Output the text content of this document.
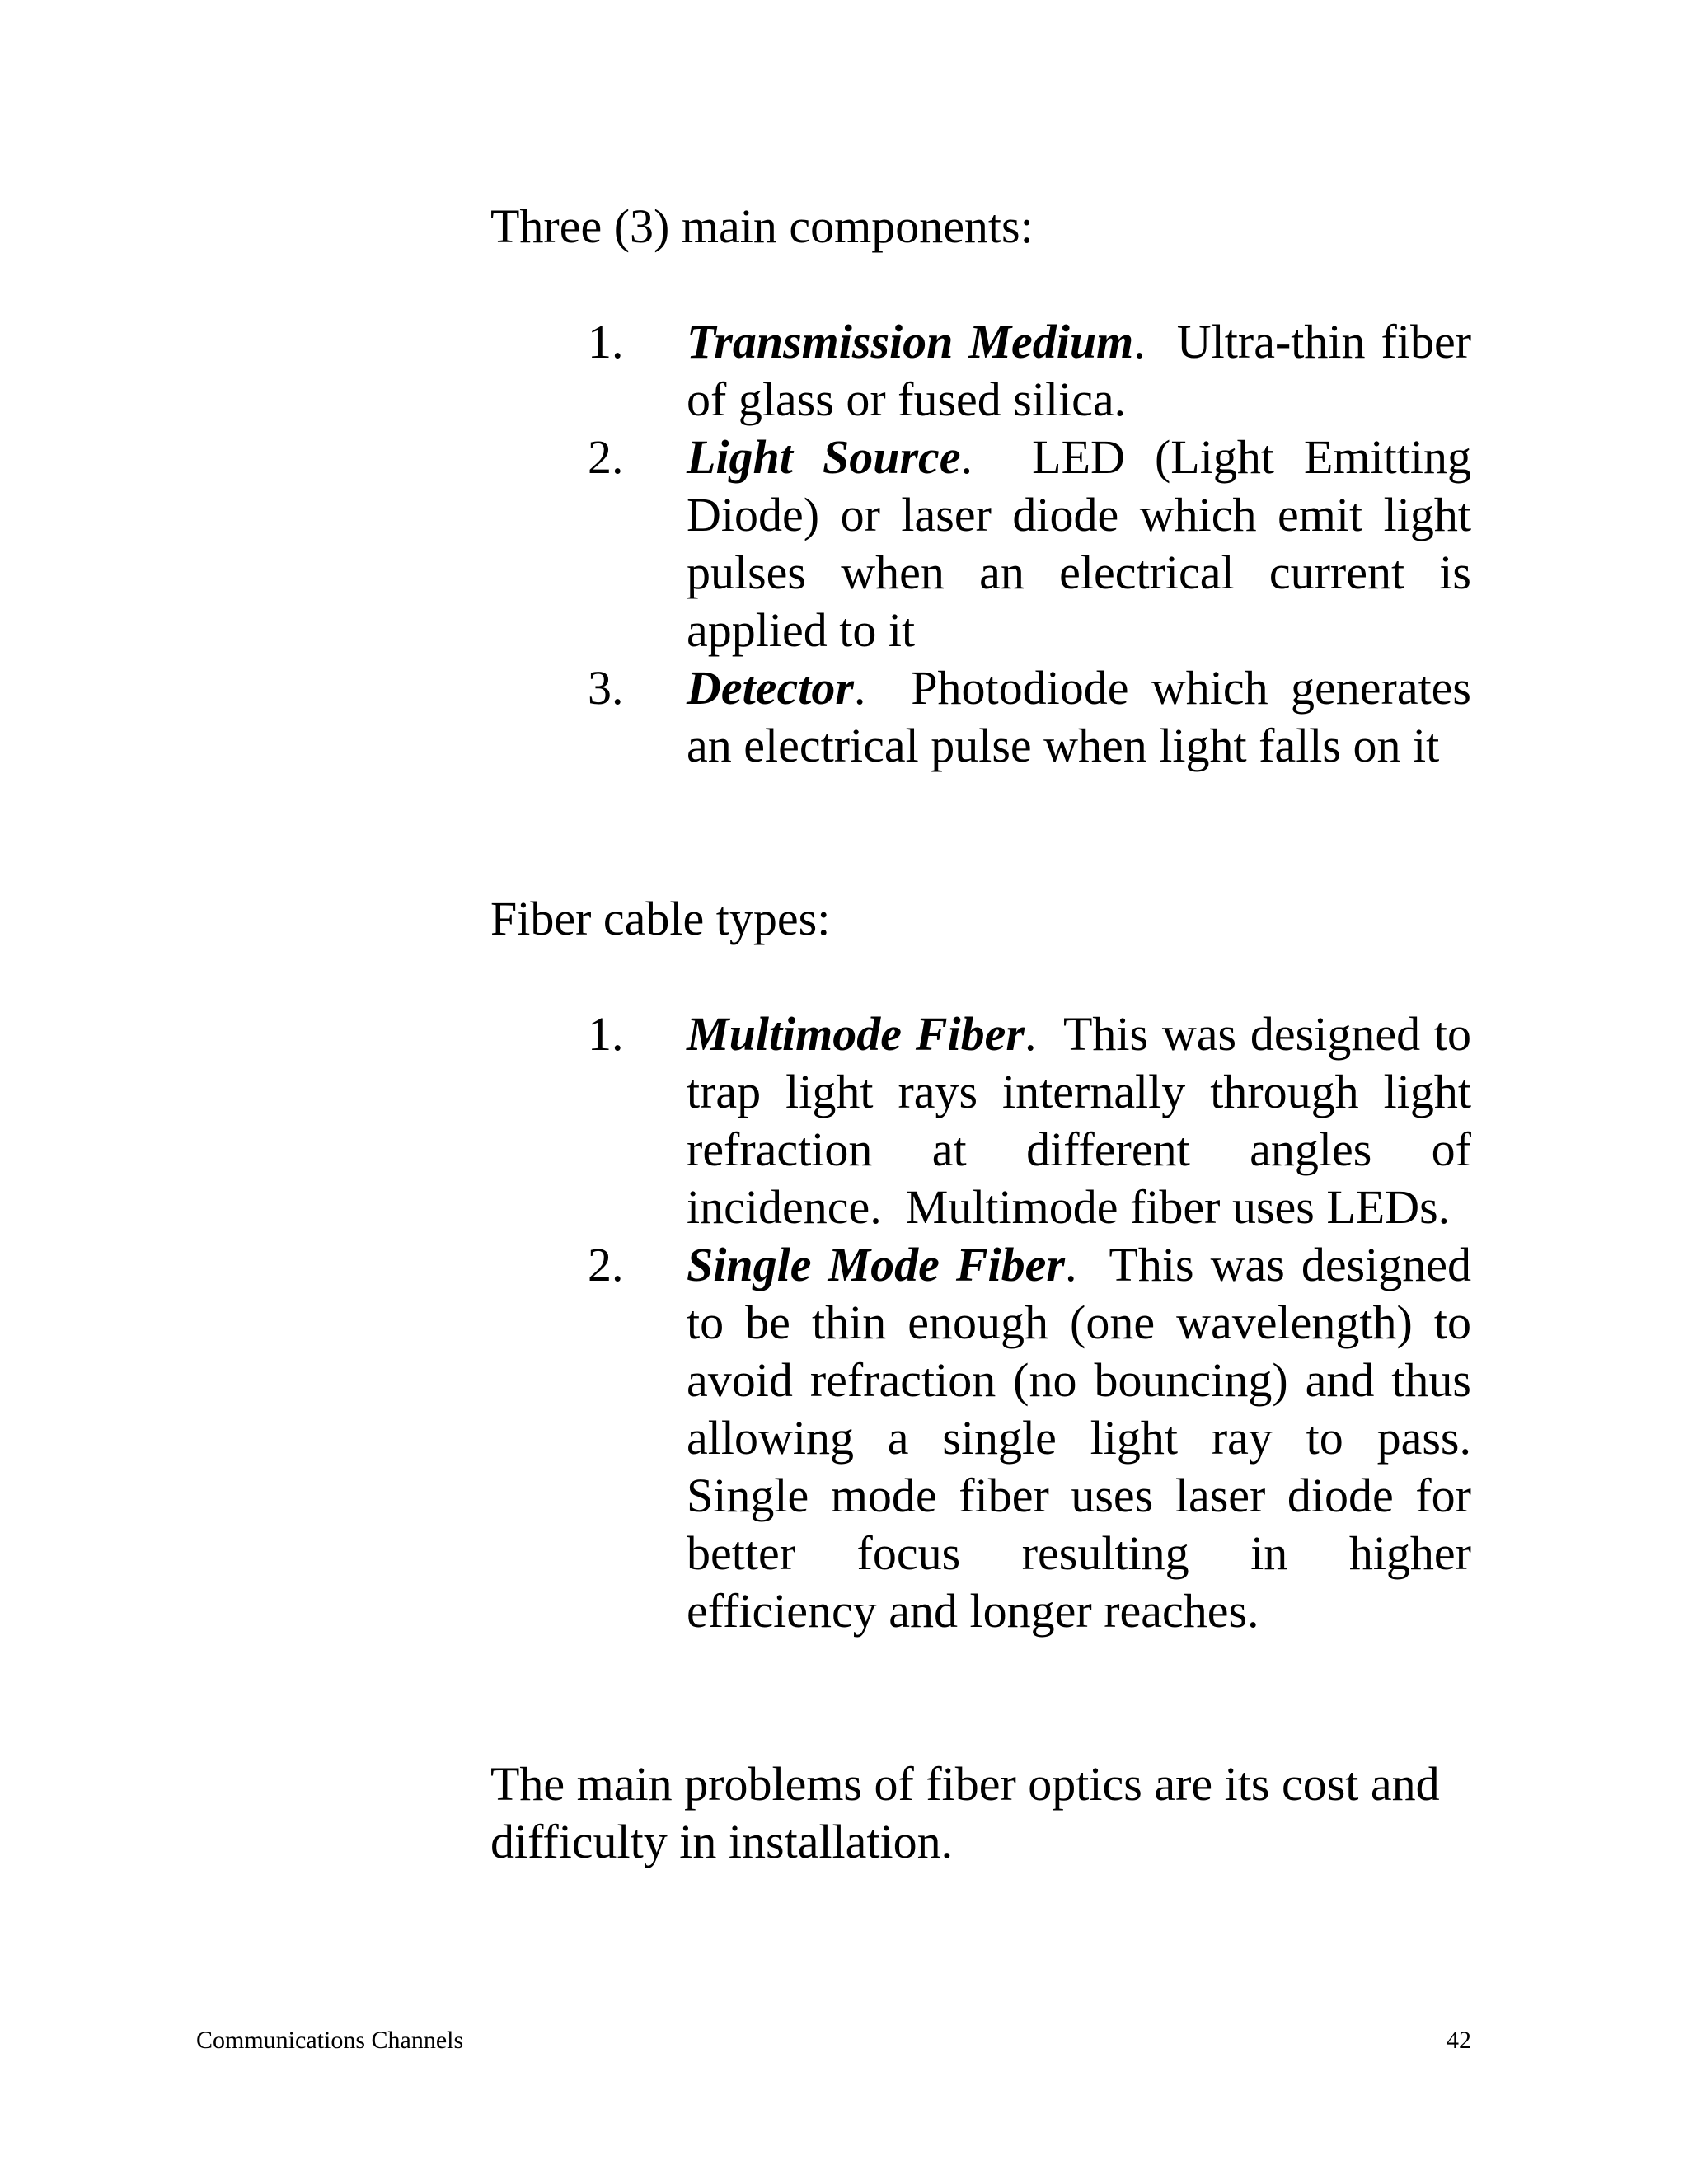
Three (3) main components:

1. Transmission Medium.  Ultra-thin fiber of glass or fused silica.
2. Light Source.  LED (Light Emitting Diode) or laser diode which emit light pulses when an electrical current is applied to it
3. Detector.  Photodiode which generates an electrical pulse when light falls on it

Fiber cable types:

1. Multimode Fiber.  This was designed to trap light rays internally through light refraction at different angles of incidence.  Multimode fiber uses LEDs.
2. Single Mode Fiber.  This was designed to be thin enough (one wavelength) to avoid refraction (no bouncing) and thus allowing a single light ray to pass.  Single mode fiber uses laser diode for better focus resulting in higher efficiency and longer reaches.

The main problems of fiber optics are its cost and difficulty in installation.

Communications Channels	42
